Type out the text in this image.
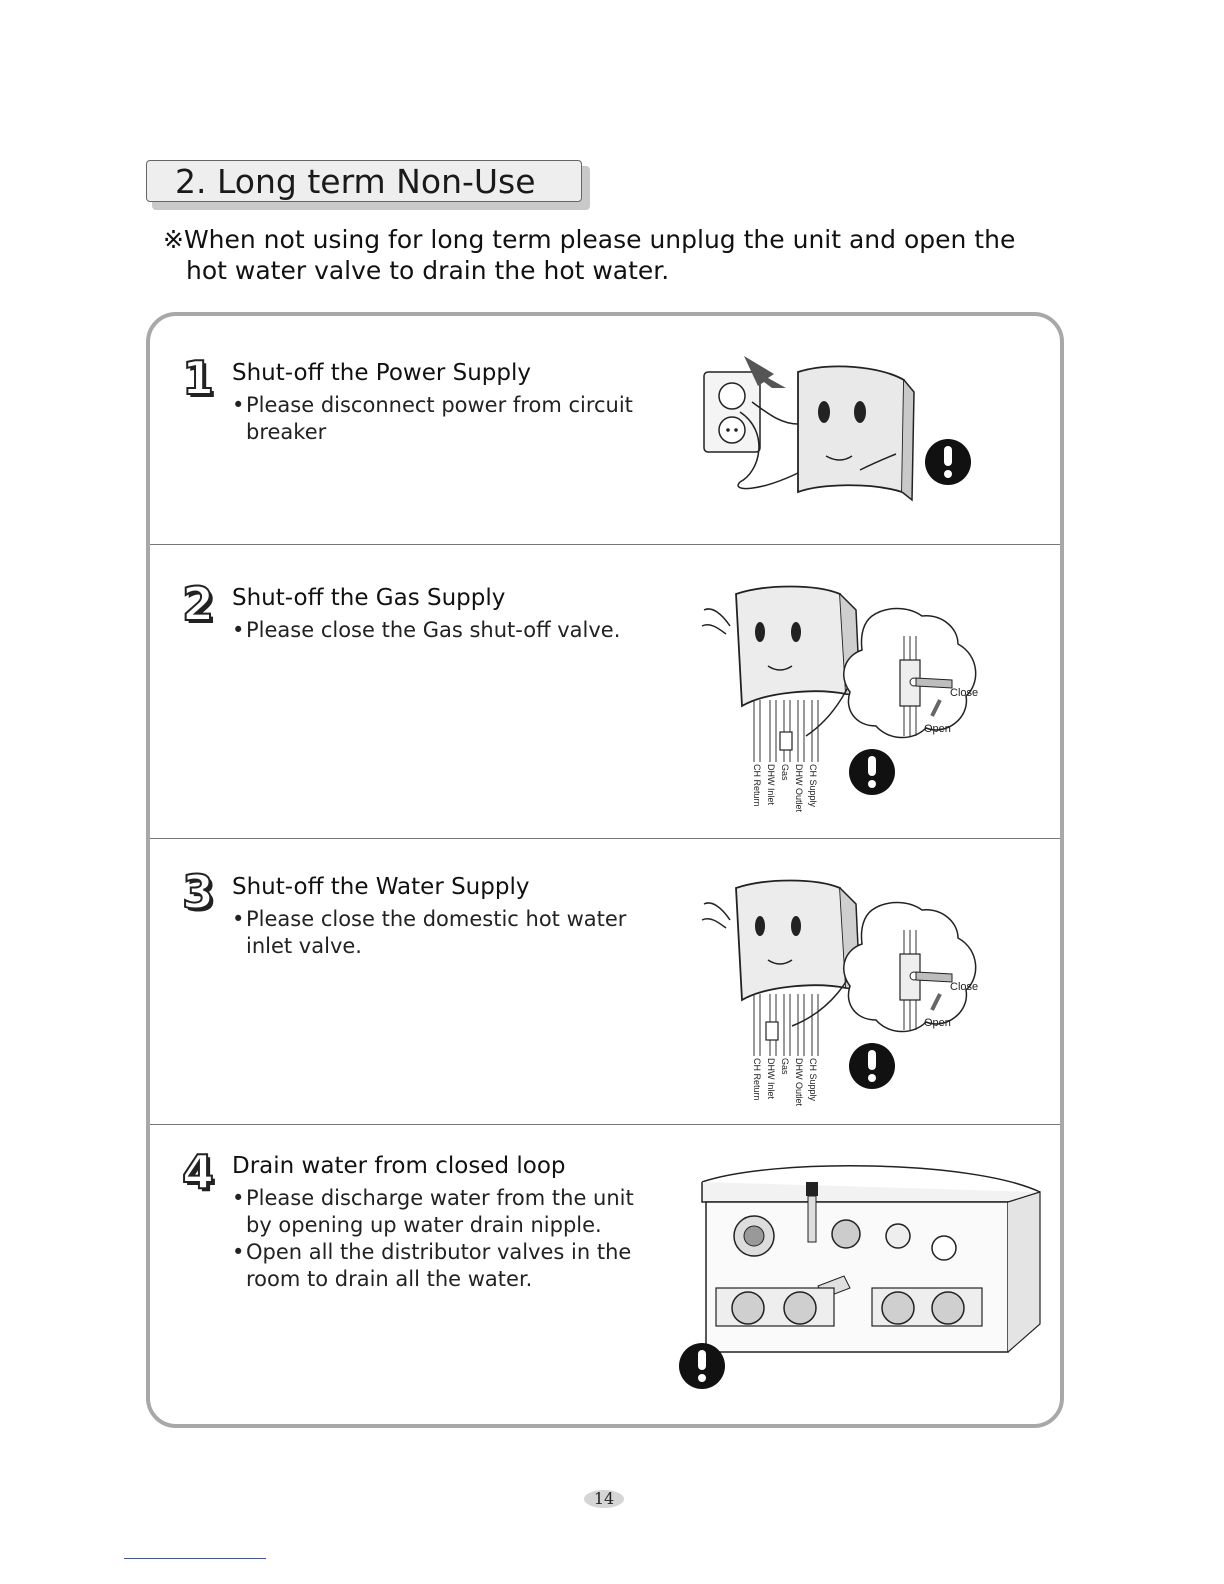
2. Long term Non-Use
※When not using for long term please unplug the unit and open the
hot water valve to drain the hot water.
1 Shut-off the Power Supply
• Please disconnect power from circuit breaker
2 Shut-off the Gas Supply
• Please close the Gas shut-off valve.
Close
Open
CH Return DHW Inlet Gas DHW Outlet CH Supply
3 Shut-off the Water Supply
• Please close the domestic hot water inlet valve.
Close
Open
CH Return DHW Inlet Gas DHW Outlet CH Supply
4 Drain water from closed loop
• Please discharge water from the unit by opening up water drain nipple.
• Open all the distributor valves in the room to drain all the water.
14
